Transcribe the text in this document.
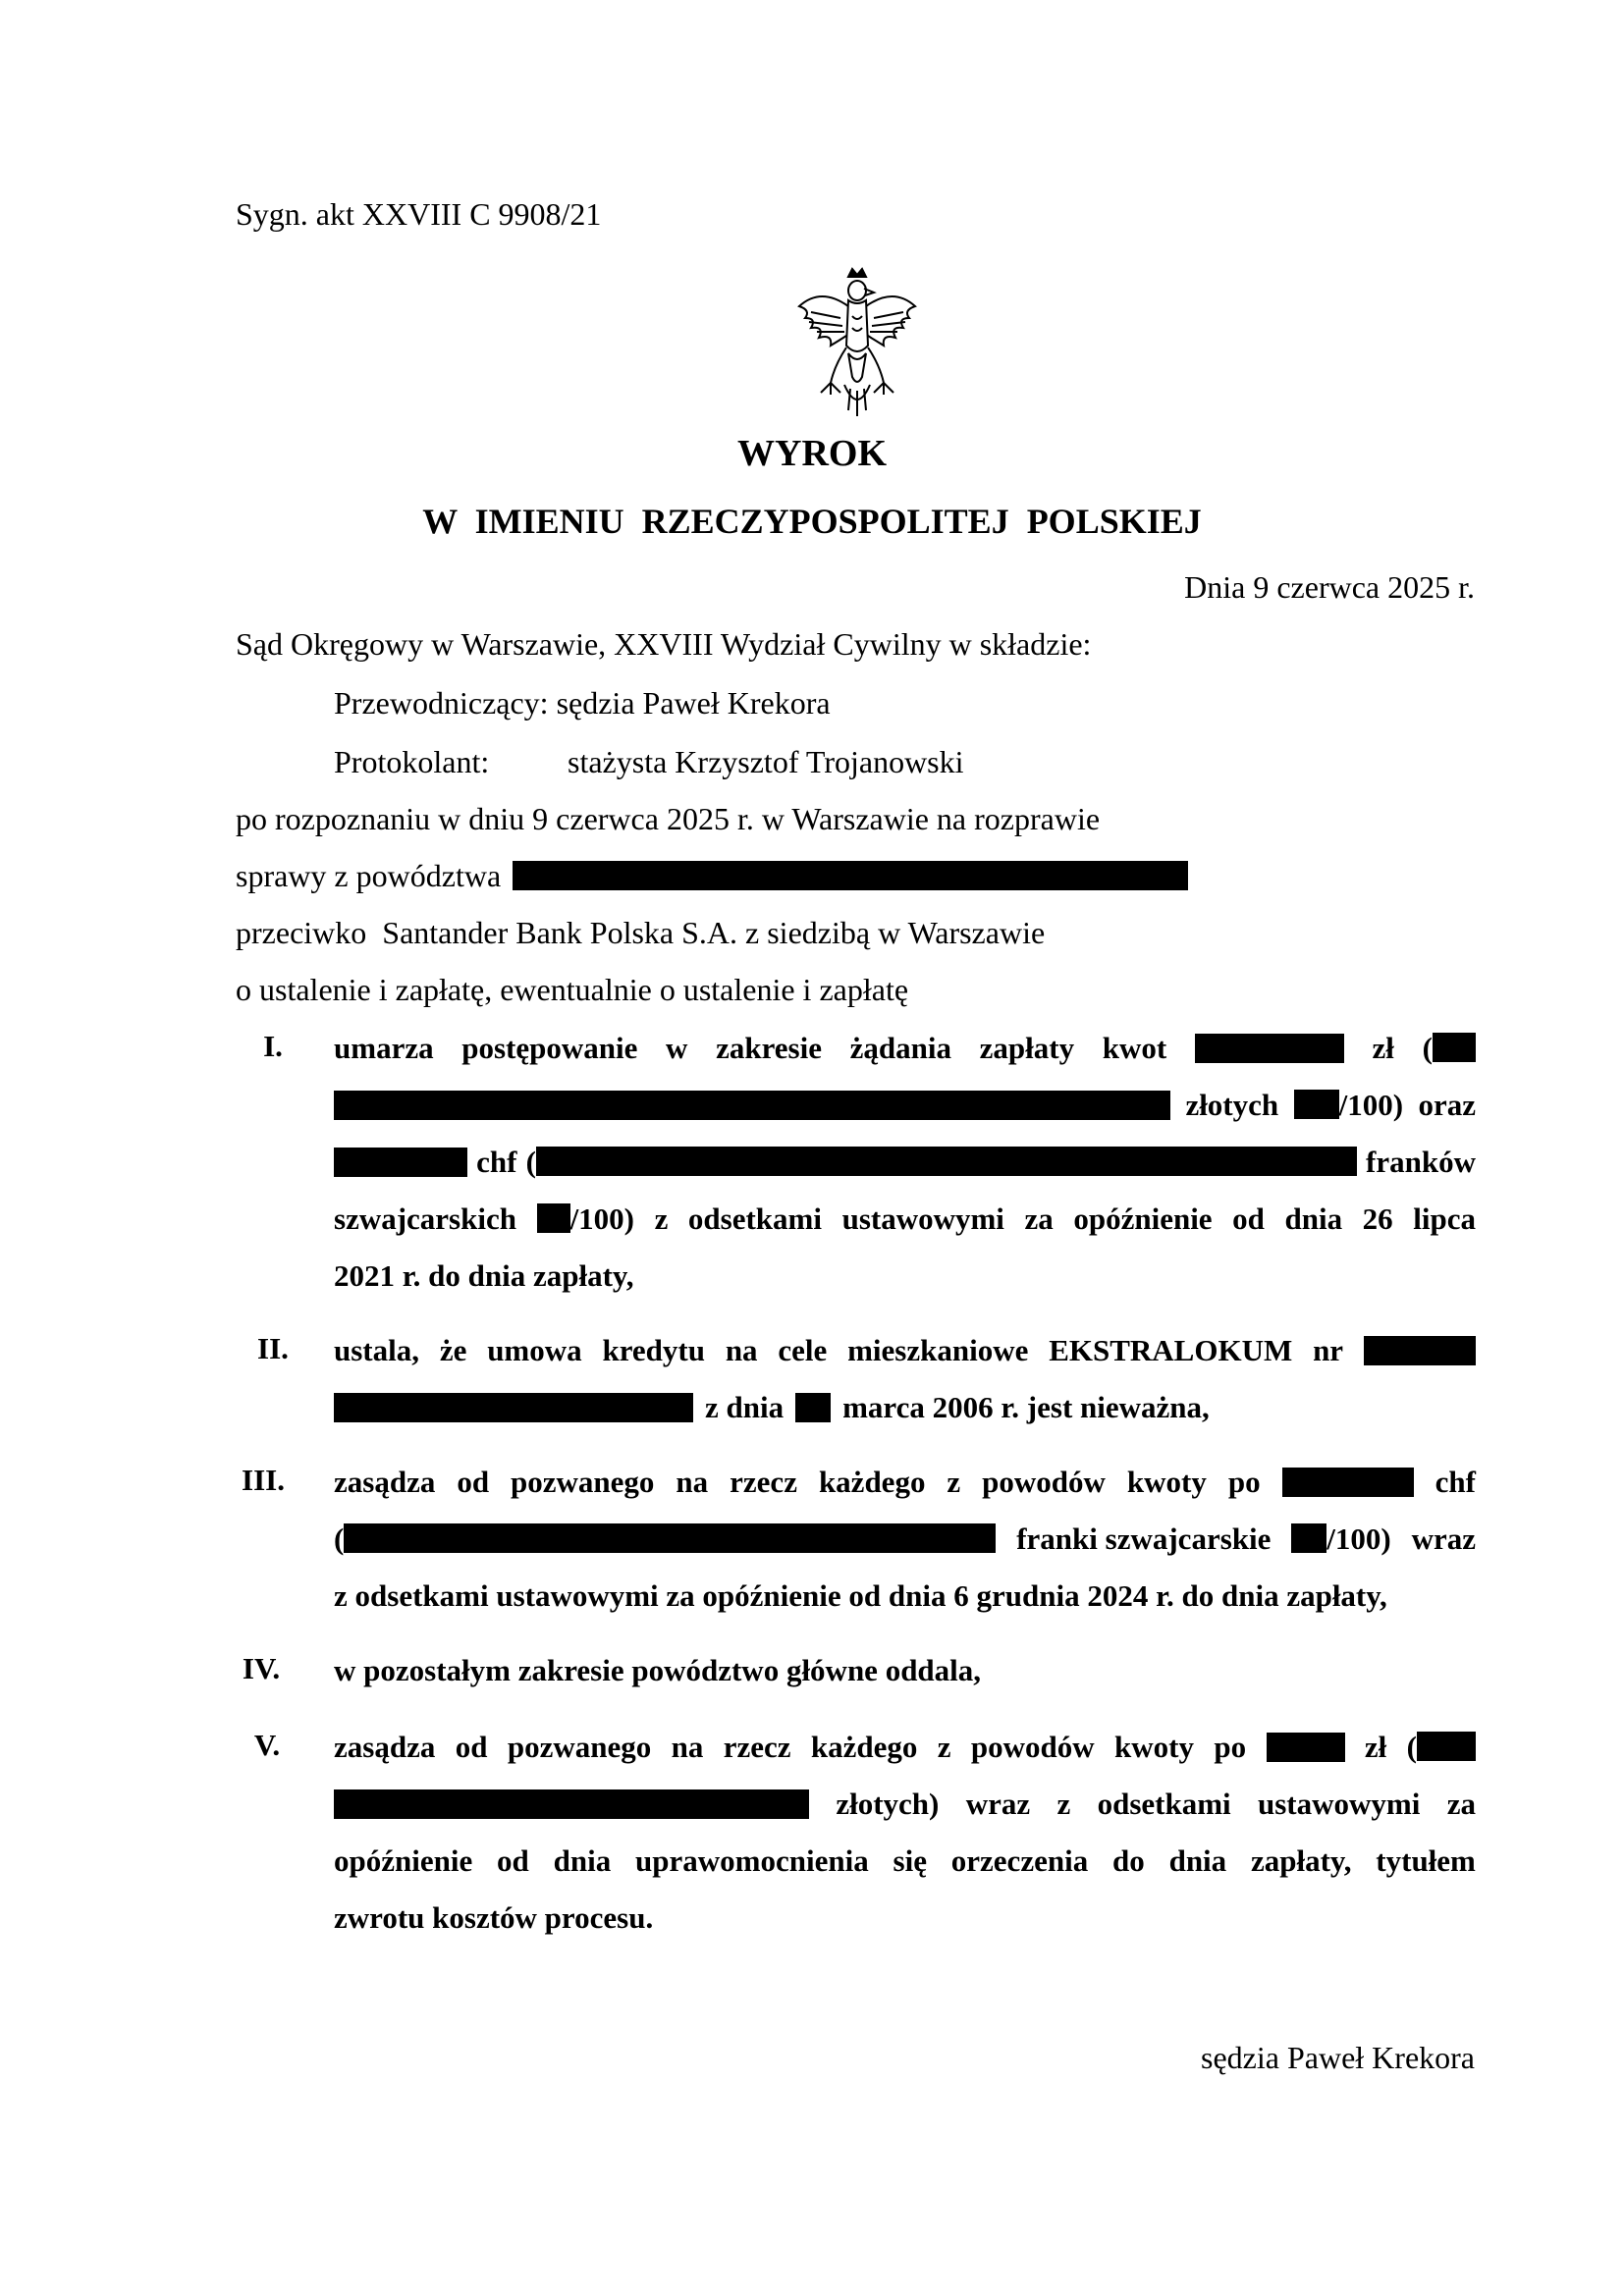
Sygn. akt XXVIII C 9908/21
WYROK
W  IMIENIU  RZECZYPOSPOLITEJ  POLSKIEJ
Dnia 9 czerwca 2025 r.
Sąd Okręgowy w Warszawie, XXVIII Wydział Cywilny w składzie:
Przewodniczący: sędzia Paweł Krekora
Protokolant: stażysta Krzysztof Trojanowski
po rozpoznaniu w dniu 9 czerwca 2025 r. w Warszawie na rozprawie
sprawy z powództwa
przeciwko  Santander Bank Polska S.A. z siedzibą w Warszawie
o ustalenie i zapłatę, ewentualnie o ustalenie i zapłatę
I.	umarza postępowanie w zakresie żądania zapłaty kwot	zł (
złotych	/100) oraz
chf (	franków
szwajcarskich	/100) z odsetkami ustawowymi za opóźnienie od dnia 26 lipca
2021 r. do dnia zapłaty,
II.	ustala, że umowa kredytu na cele mieszkaniowe EKSTRALOKUM nr
z dnia marca 2006 r. jest nieważna,
III.	zasądza od pozwanego na rzecz każdego z powodów kwoty po	chf
(	franki szwajcarskie	/100) wraz
z odsetkami ustawowymi za opóźnienie od dnia 6 grudnia 2024 r. do dnia zapłaty,
IV.	w pozostałym zakresie powództwo główne oddala,
V.	zasądza od pozwanego na rzecz każdego z powodów kwoty po	zł (
złotych) wraz z odsetkami ustawowymi za
opóźnienie od dnia uprawomocnienia się orzeczenia do dnia zapłaty, tytułem
zwrotu kosztów procesu.
sędzia Paweł Krekora
